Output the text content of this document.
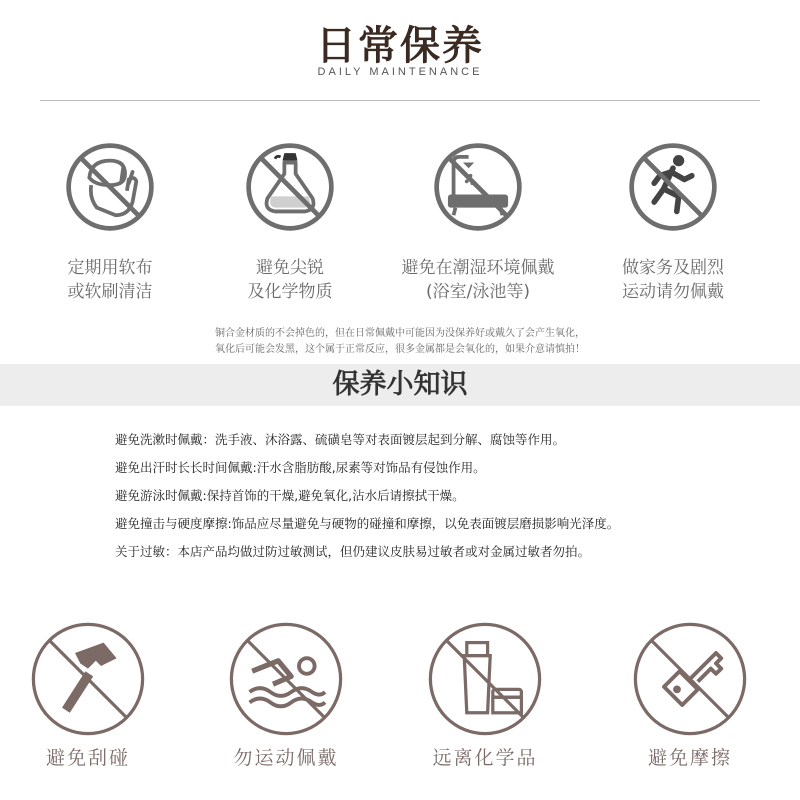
日常保养
DAILY MAINTENANCE
定期用软布
或软刷清洁
避免尖锐
及化学物质
避免在潮湿环境佩戴
(浴室/泳池等)
做家务及剧烈
运动请勿佩戴
铜合金材质的不会掉色的，但在日常佩戴中可能因为没保养好或戴久了会产生氧化，
氧化后可能会发黑，这个属于正常反应，很多金属都是会氧化的，如果介意请慎拍！
保养小知识
避免洗漱时佩戴：洗手液、沐浴露、硫磺皂等对表面镀层起到分解、腐蚀等作用。
避免出汗时长长时间佩戴:汗水含脂肪酸,尿素等对饰品有侵蚀作用。
避免游泳时佩戴:保持首饰的干燥,避免氧化,沾水后请擦拭干燥。
避免撞击与硬度摩擦:饰品应尽量避免与硬物的碰撞和摩擦，以免表面镀层磨损影响光泽度。
关于过敏：本店产品均做过防过敏测试，但仍建议皮肤易过敏者或对金属过敏者勿拍。
避免刮碰	勿运动佩戴	远离化学品	避免摩擦
